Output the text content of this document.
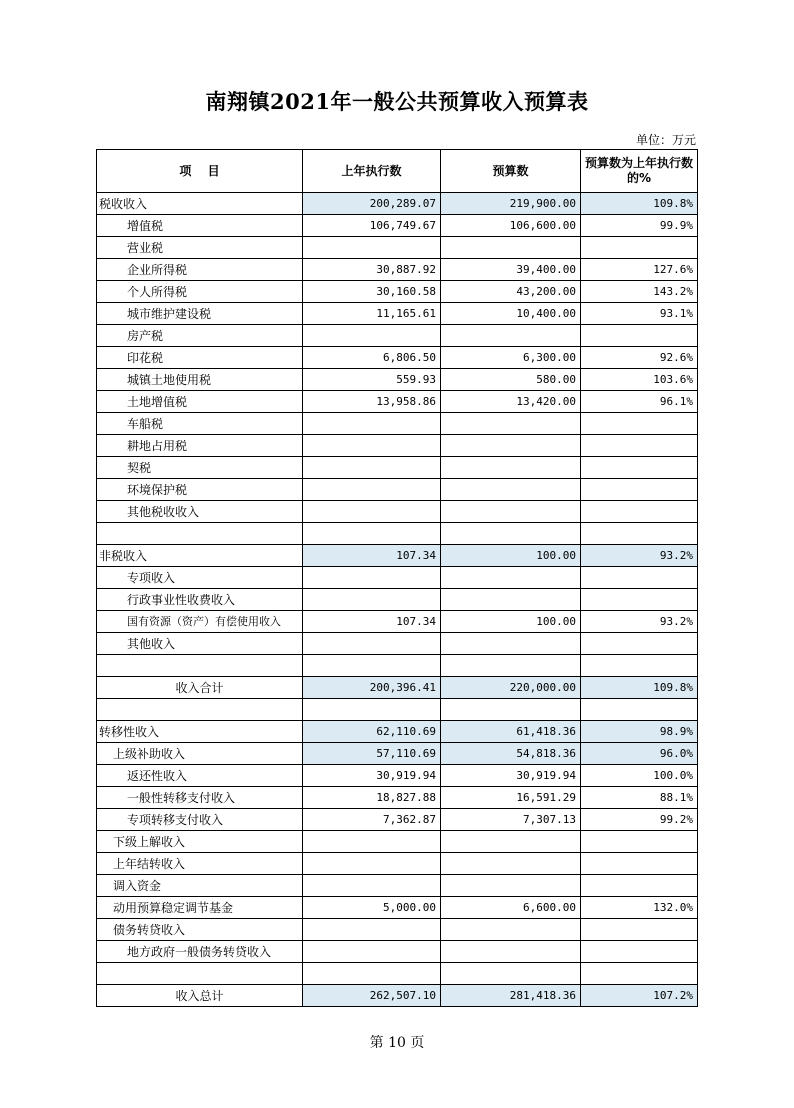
南翔镇2021年一般公共预算收入预算表
单位：万元
项　 目	上年执行数	预算数	预算数为上年执行数的%
税收收入	200,289.07	219,900.00	109.8%
增值税	106,749.67	106,600.00	99.9%
营业税			
企业所得税	30,887.92	39,400.00	127.6%
个人所得税	30,160.58	43,200.00	143.2%
城市维护建设税	11,165.61	10,400.00	93.1%
房产税			
印花税	6,806.50	6,300.00	92.6%
城镇土地使用税	559.93	580.00	103.6%
土地增值税	13,958.86	13,420.00	96.1%
车船税			
耕地占用税			
契税			
环境保护税			
其他税收收入			

非税收入	107.34	100.00	93.2%
专项收入			
行政事业性收费收入			
国有资源（资产）有偿使用收入	107.34	100.00	93.2%
其他收入			

收入合计	200,396.41	220,000.00	109.8%

转移性收入	62,110.69	61,418.36	98.9%
上级补助收入	57,110.69	54,818.36	96.0%
返还性收入	30,919.94	30,919.94	100.0%
一般性转移支付收入	18,827.88	16,591.29	88.1%
专项转移支付收入	7,362.87	7,307.13	99.2%
下级上解收入			
上年结转收入			
调入资金			
动用预算稳定调节基金	5,000.00	6,600.00	132.0%
债务转贷收入			
地方政府一般债务转贷收入			

收入总计	262,507.10	281,418.36	107.2%
第 10 页
